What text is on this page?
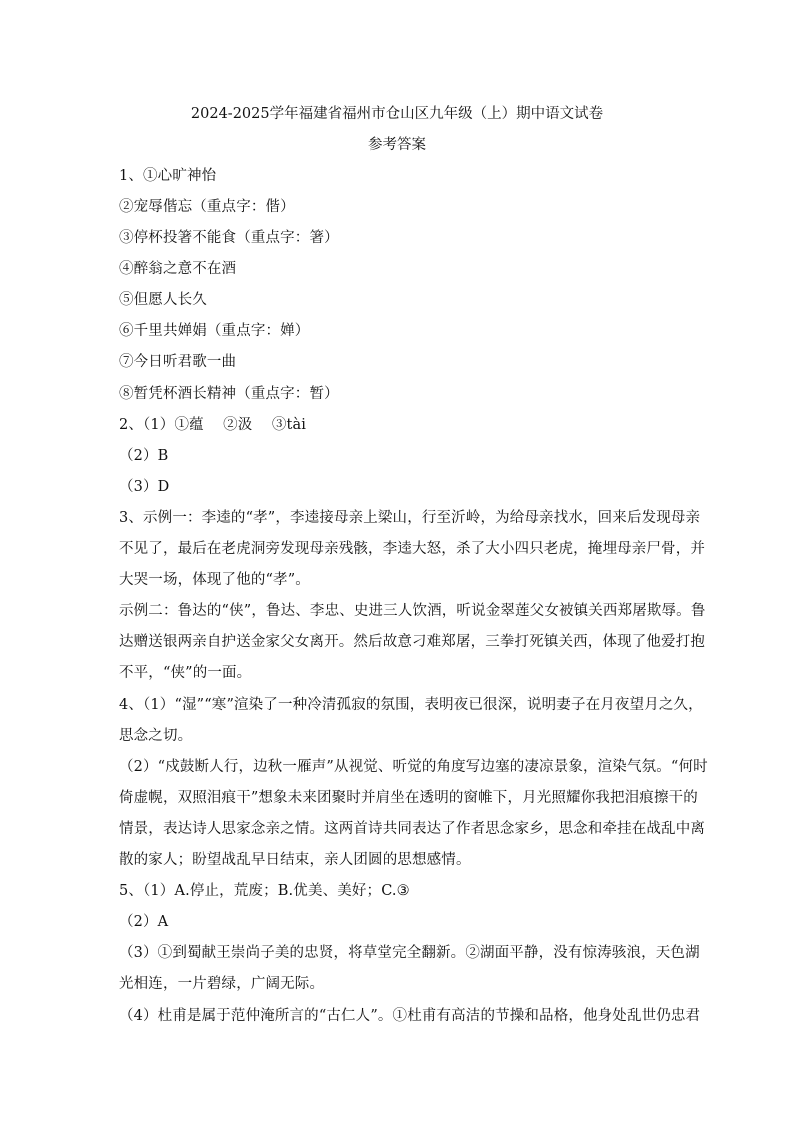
2024-2025学年福建省福州市仓山区九年级（上）期中语文试卷
参考答案
1、①心旷神怡
②宠辱偕忘（重点字：偕）
③停杯投箸不能食（重点字：箸）
④醉翁之意不在酒
⑤但愿人长久
⑥千里共婵娟（重点字：婵）
⑦今日听君歌一曲
⑧暂凭杯酒长精神（重点字：暂）
2、（1）①蕴　 ②汲　 ③tài
（2）B
（3）D
3、示例一：李逵的“孝”，李逵接母亲上梁山，行至沂岭，为给母亲找水，回来后发现母亲
不见了，最后在老虎洞旁发现母亲残骸，李逵大怒，杀了大小四只老虎，掩埋母亲尸骨，并
大哭一场，体现了他的“孝”。
示例二：鲁达的“侠”，鲁达、李忠、史进三人饮酒，听说金翠莲父女被镇关西郑屠欺辱。鲁
达赠送银两亲自护送金家父女离开。然后故意刁难郑屠，三拳打死镇关西，体现了他爱打抱
不平，“侠”的一面。
4、（1）“湿”“寒”渲染了一种冷清孤寂的氛围，表明夜已很深，说明妻子在月夜望月之久，
思念之切。
（2）“戍鼓断人行，边秋一雁声”从视觉、听觉的角度写边塞的凄凉景象，渲染气氛。“何时
倚虚幌，双照泪痕干”想象未来团聚时并肩坐在透明的窗帷下，月光照耀你我把泪痕擦干的
情景，表达诗人思家念亲之情。这两首诗共同表达了作者思念家乡，思念和牵挂在战乱中离
散的家人；盼望战乱早日结束，亲人团圆的思想感情。
5、（1）A.停止，荒废；B.优美、美好；C.③
（2）A
（3）①到蜀献王崇尚子美的忠贤，将草堂完全翻新。②湖面平静，没有惊涛骇浪，天色湖
光相连，一片碧绿，广阔无际。
（4）杜甫是属于范仲淹所言的“古仁人”。①杜甫有高洁的节操和品格，他身处乱世仍忠君
